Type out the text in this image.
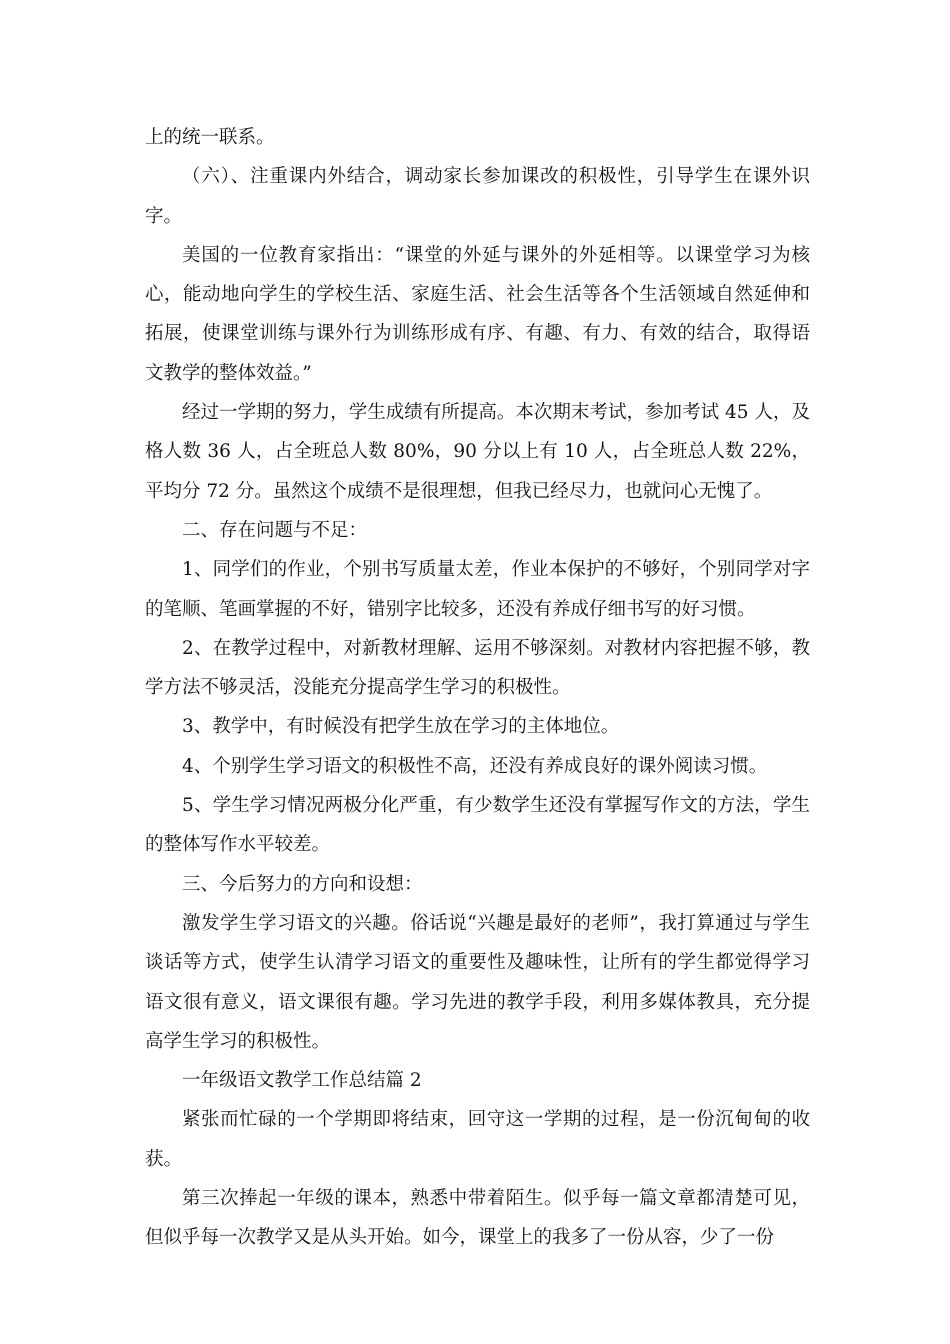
上的统一联系。

（六）、注重课内外结合，调动家长参加课改的积极性，引导学生在课外识字。

美国的一位教育家指出：“课堂的外延与课外的外延相等。以课堂学习为核心，能动地向学生的学校生活、家庭生活、社会生活等各个生活领域自然延伸和拓展，使课堂训练与课外行为训练形成有序、有趣、有力、有效的结合，取得语文教学的整体效益。”

经过一学期的努力，学生成绩有所提高。本次期末考试，参加考试 45 人，及格人数 36 人，占全班总人数 80%，90 分以上有 10 人，占全班总人数 22%，平均分 72 分。虽然这个成绩不是很理想，但我已经尽力，也就问心无愧了。

二、存在问题与不足：

1、同学们的作业，个别书写质量太差，作业本保护的不够好，个别同学对字的笔顺、笔画掌握的不好，错别字比较多，还没有养成仔细书写的好习惯。

2、在教学过程中，对新教材理解、运用不够深刻。对教材内容把握不够，教学方法不够灵活，没能充分提高学生学习的积极性。

3、教学中，有时候没有把学生放在学习的主体地位。

4、个别学生学习语文的积极性不高，还没有养成良好的课外阅读习惯。

5、学生学习情况两极分化严重，有少数学生还没有掌握写作文的方法，学生的整体写作水平较差。

三、今后努力的方向和设想：

激发学生学习语文的兴趣。俗话说“兴趣是最好的老师”，我打算通过与学生谈话等方式，使学生认清学习语文的重要性及趣味性，让所有的学生都觉得学习语文很有意义，语文课很有趣。学习先进的教学手段，利用多媒体教具，充分提高学生学习的积极性。

一年级语文教学工作总结篇 2

紧张而忙碌的一个学期即将结束，回守这一学期的过程，是一份沉甸甸的收获。

第三次捧起一年级的课本，熟悉中带着陌生。似乎每一篇文章都清楚可见，但似乎每一次教学又是从头开始。如今，课堂上的我多了一份从容，少了一份
